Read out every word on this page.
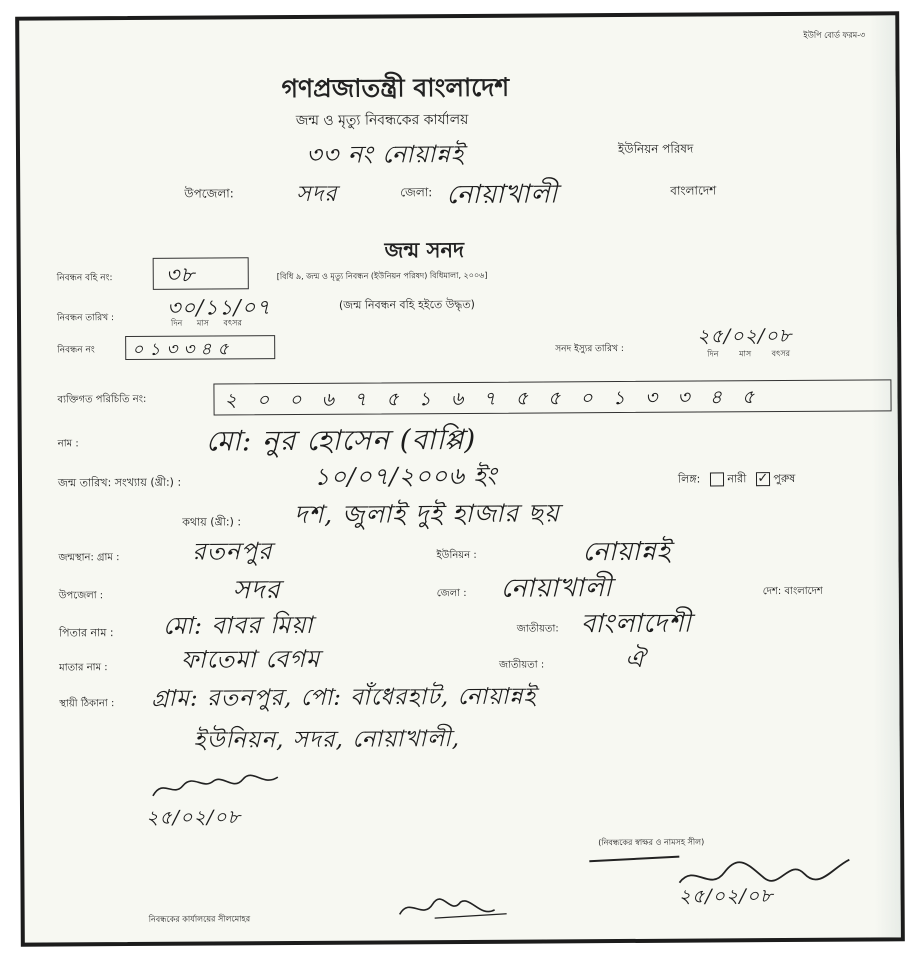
ইউপি বোর্ড ফরম-৩
গণপ্রজাতন্ত্রী বাংলাদেশ
জন্ম ও মৃত্যু নিবন্ধকের কার্যালয়
৩৩ নং নোয়ান্নই	ইউনিয়ন পরিষদ
উপজেলা:	সদর	জেলা: নোয়াখালী	বাংলাদেশ
জন্ম সনদ
নিবন্ধন বহি নং:	৩৮	[বিধি ৯, জন্ম ও মৃত্যু নিবন্ধন (ইউনিয়ন পরিষদ) বিধিমালা, ২০০৬]
নিবন্ধন তারিখ :	৩০/১১/০৭
দিন মাস বৎসর
(জন্ম নিবন্ধন বহি হইতে উদ্ধৃত)
নিবন্ধন নং ০১৩৩৪৫	সনদ ইস্যুর তারিখ :
২৫/০২/০৮
দিন মাস বৎসর
ব্যক্তিগত পরিচিতি নং:	২০০৬৭৫১৬৭৫৫০১৩৩৪৫
নাম :	মো: নুর হোসেন (বাপ্পি)
জন্ম তারিখ: সংখ্যায় (খ্রী:) :	১০/০৭/২০০৬ ইং	লিঙ্গ: নারী ✓ পুরুষ
কথায় (খ্রী:) : দশ, জুলাই দুই হাজার ছয়
জন্মস্থান: গ্রাম :	রতনপুর	ইউনিয়ন :	নোয়ান্নই
উপজেলা :	সদর	জেলা : নোয়াখালী	দেশ: বাংলাদেশ
পিতার নাম : মো: বাবর মিয়া	জাতীয়তা: বাংলাদেশী
মাতার নাম :	ফাতেমা বেগম	জাতীয়তা :	ঐ
স্থায়ী ঠিকানা : গ্রাম: রতনপুর, পো: বাঁধেরহাট, নোয়ান্নই
ইউনিয়ন, সদর, নোয়াখালী,
২৫/০২/০৮
(নিবন্ধকের স্বাক্ষর ও নামসহ সীল)
২৫/০২/০৮
নিবন্ধকের কার্যালয়ের সীলমোহর
